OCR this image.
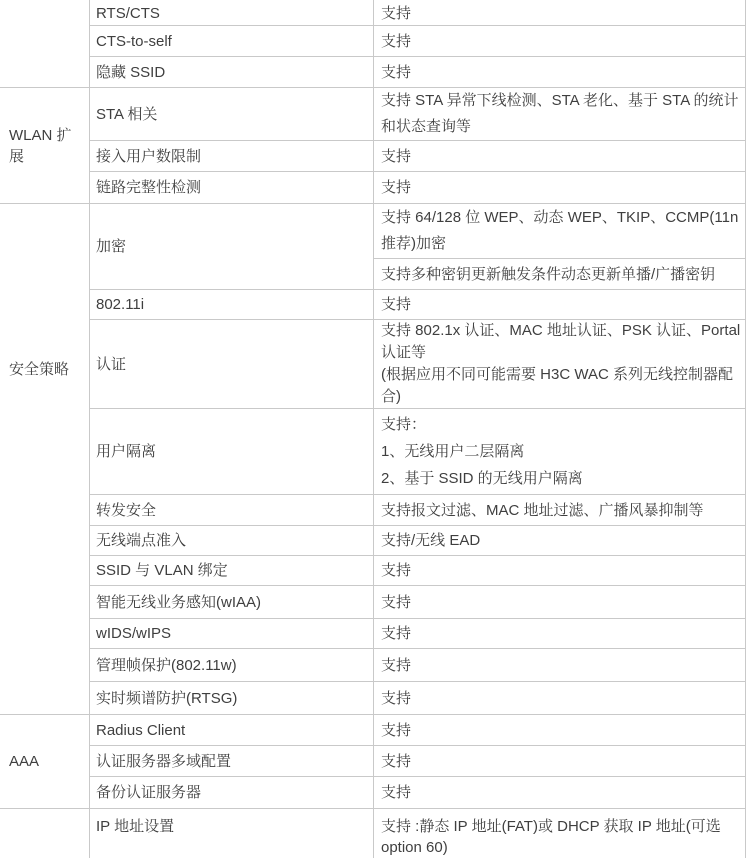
	RTS/CTS	支持
	CTS-to-self	支持
	隐藏 SSID	支持
WLAN 扩展	STA 相关	支持 STA 异常下线检测、STA 老化、基于 STA 的统计和状态查询等

	接入用户数限制	支持
	链路完整性检测	支持

安全策略	加密	支持 64/128 位 WEP、动态 WEP、TKIP、CCMP(11n 推荐)加密
支持多种密钥更新触发条件动态更新单播/广播密钥

	802.11i	支持
	认证	支持 802.1x 认证、MAC 地址认证、PSK 认证、Portal 认证等
(根据应用不同可能需要 H3C WAC 系列无线控制器配合)

	用户隔离	支持：
1、无线用户二层隔离
2、基于 SSID 的无线用户隔离

	转发安全	支持报文过滤、MAC 地址过滤、广播风暴抑制等
	无线端点准入	支持/无线 EAD
	SSID 与 VLAN 绑定	支持
	智能无线业务感知(wIAA)	支持
	wIDS/wIPS	支持
	管理帧保护(802.11w)	支持
	实时频谱防护(RTSG)	支持
AAA	Radius Client	支持
	认证服务器多域配置	支持
	备份认证服务器	支持
	IP 地址设置	支持 :静态 IP 地址(FAT)或 DHCP 获取 IP 地址(可选 option 60)
